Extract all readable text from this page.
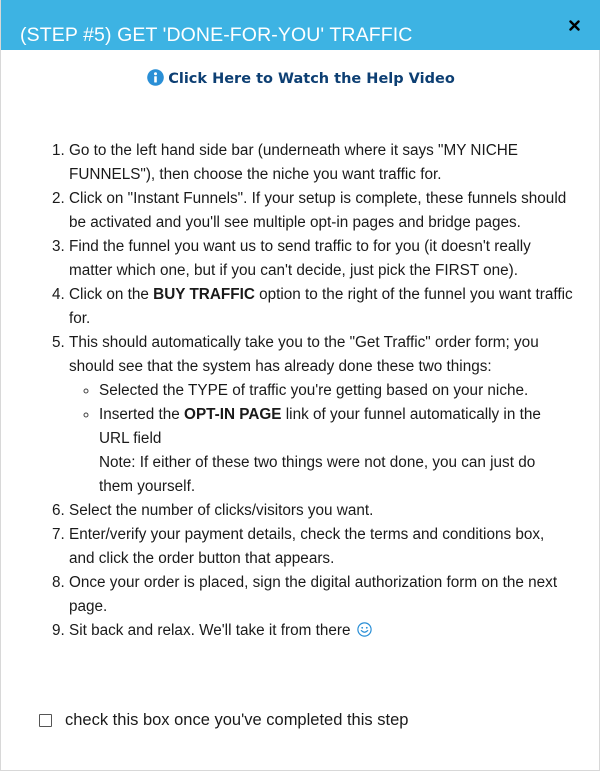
(STEP #5) GET 'DONE-FOR-YOU' TRAFFIC
Click Here to Watch the Help Video
1. Go to the left hand side bar (underneath where it says "MY NICHE FUNNELS"), then choose the niche you want traffic for.
2. Click on "Instant Funnels". If your setup is complete, these funnels should be activated and you'll see multiple opt-in pages and bridge pages.
3. Find the funnel you want us to send traffic to for you (it doesn't really matter which one, but if you can't decide, just pick the FIRST one).
4. Click on the BUY TRAFFIC option to the right of the funnel you want traffic for.
5. This should automatically take you to the "Get Traffic" order form; you should see that the system has already done these two things:
◦ Selected the TYPE of traffic you're getting based on your niche.
◦ Inserted the OPT-IN PAGE link of your funnel automatically in the URL field
Note: If either of these two things were not done, you can just do them yourself.
6. Select the number of clicks/visitors you want.
7. Enter/verify your payment details, check the terms and conditions box, and click the order button that appears.
8. Once your order is placed, sign the digital authorization form on the next page.
9. Sit back and relax. We'll take it from there
check this box once you've completed this step
